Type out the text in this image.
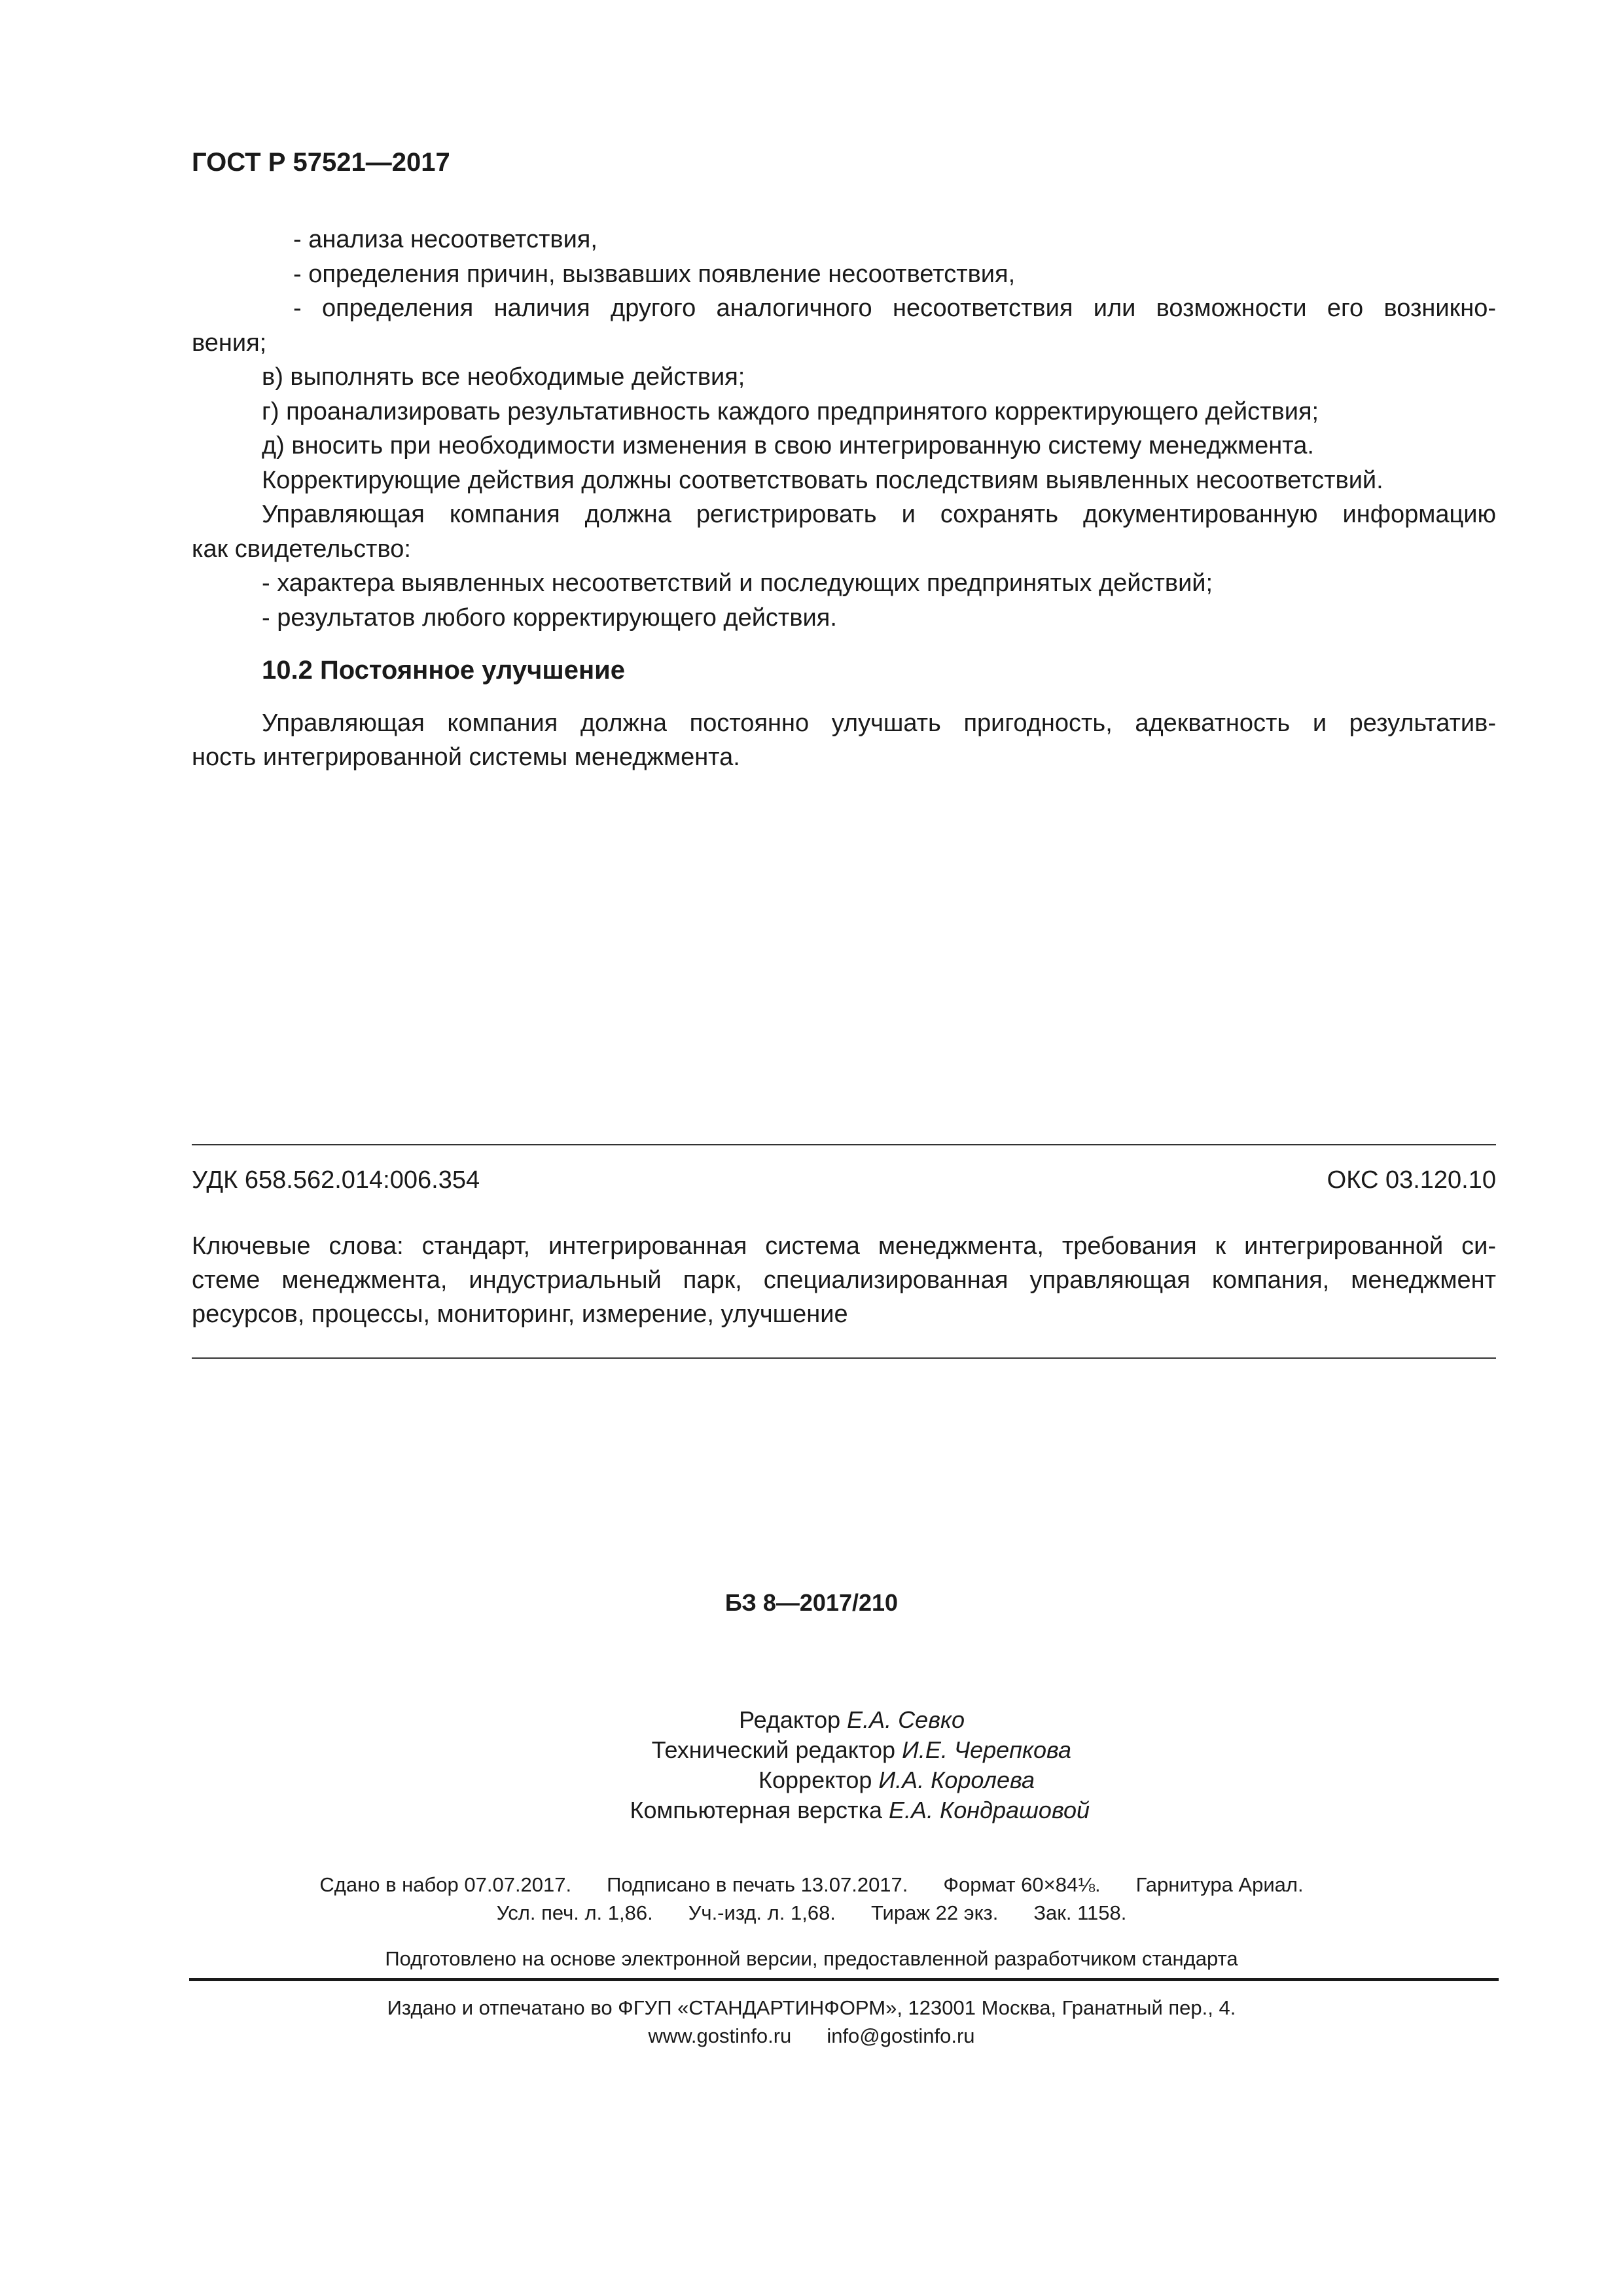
ГОСТ Р 57521—2017

- анализа несоответствия,

- определения причин, вызвавших появление несоответствия,

- определения наличия другого аналогичного несоответствия или возможности его возникно-

вения;

в) выполнять все необходимые действия;

г) проанализировать результативность каждого предпринятого корректирующего действия;

д) вносить при необходимости изменения в свою интегрированную систему менеджмента.

Корректирующие действия должны соответствовать последствиям выявленных несоответствий.

Управляющая компания должна регистрировать и сохранять документированную информацию

как свидетельство:

- характера выявленных несоответствий и последующих предпринятых действий;

- результатов любого корректирующего действия.

10.2 Постоянное улучшение

Управляющая компания должна постоянно улучшать пригодность, адекватность и результатив-

ность интегрированной системы менеджмента.

УДК 658.562.014:006.354	ОКС 03.120.10

Ключевые слова: стандарт, интегрированная система менеджмента, требования к интегрированной си-

стеме менеджмента, индустриальный парк, специализированная управляющая компания, менеджмент

ресурсов, процессы, мониторинг, измерение, улучшение

БЗ 8—2017/210
Редактор Е.А. Севко
Технический редактор И.Е. Черепкова
Корректор И.А. Королева
Компьютерная верстка Е.А. Кондрашовой
Сдано в набор 07.07.2017. Подписано в печать 13.07.2017. Формат 60×84⅛. Гарнитура Ариал.
Усл. печ. л. 1,86. Уч.-изд. л. 1,68. Тираж 22 экз. Зак. 1158.
Подготовлено на основе электронной версии, предоставленной разработчиком стандарта
Издано и отпечатано во ФГУП «СТАНДАРТИНФОРМ», 123001 Москва, Гранатный пер., 4.
www.gostinfo.ru info@gostinfo.ru
